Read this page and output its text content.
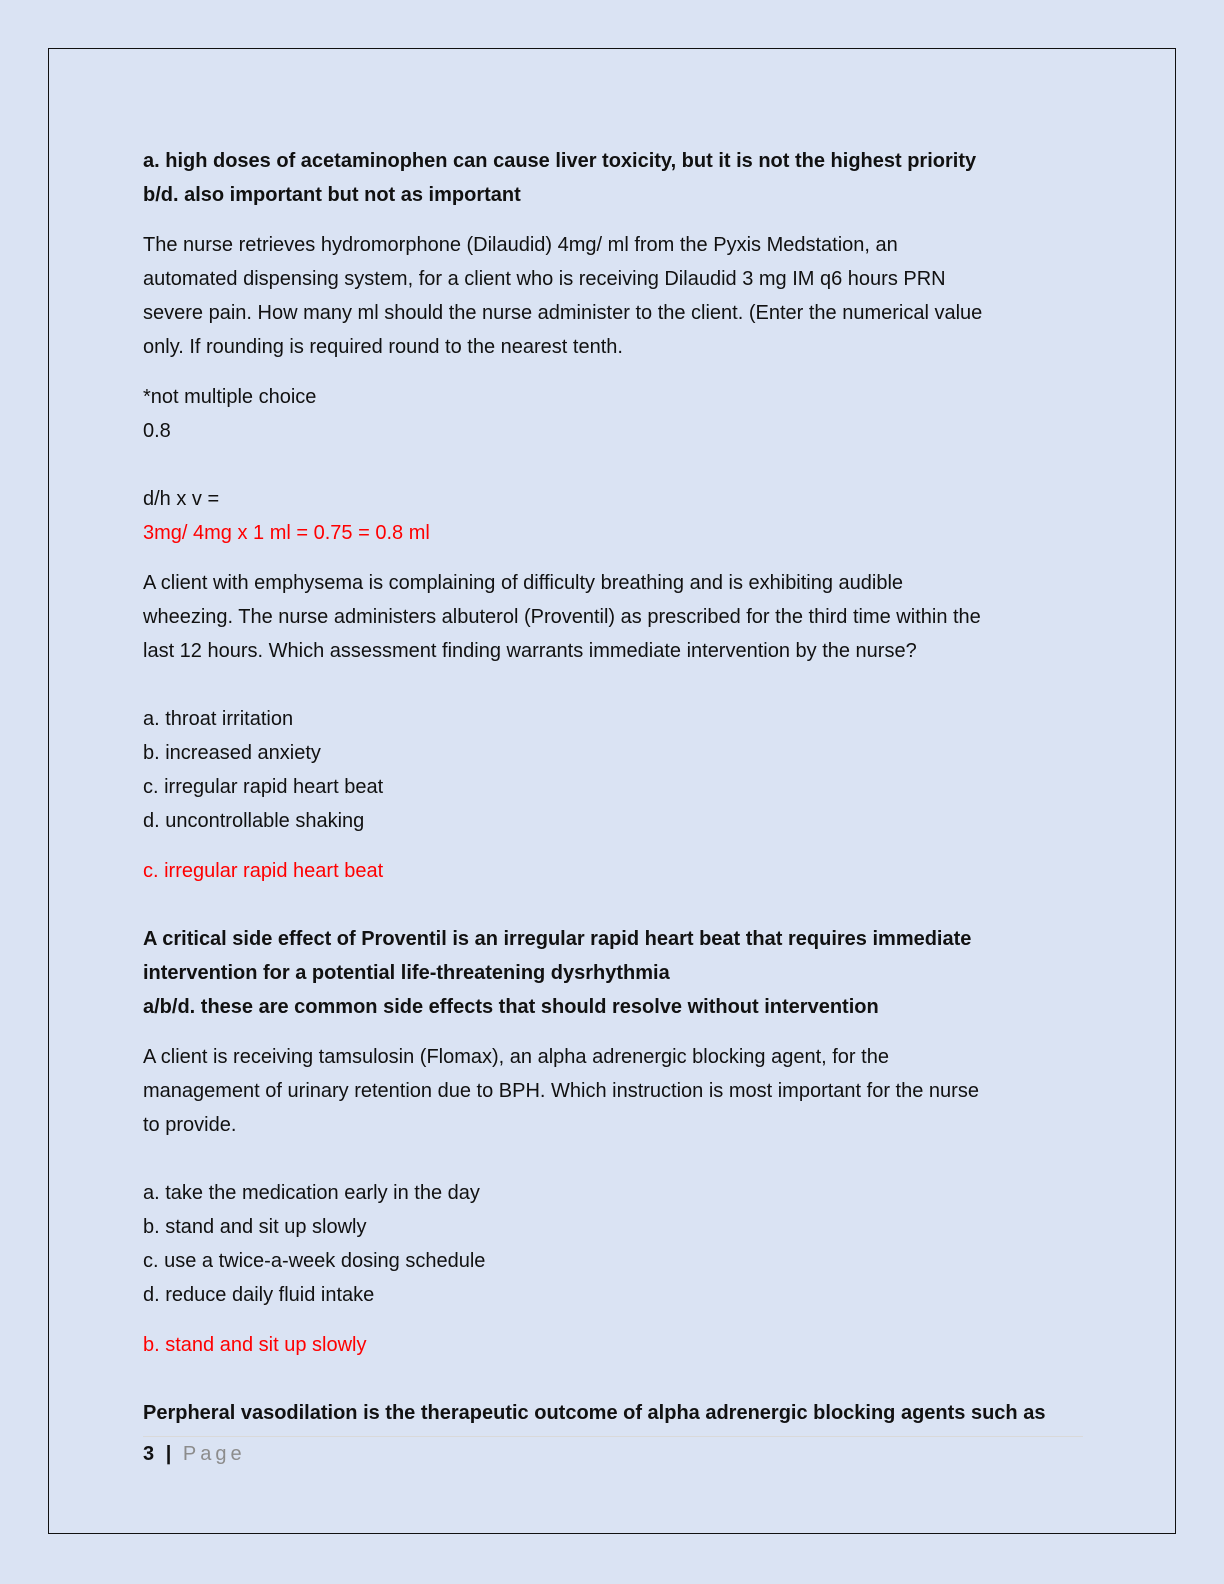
a. high doses of acetaminophen can cause liver toxicity, but it is not the highest priority
b/d. also important but not as important
The nurse retrieves hydromorphone (Dilaudid) 4mg/ ml from the Pyxis Medstation, an
automated dispensing system, for a client who is receiving Dilaudid 3 mg IM q6 hours PRN
severe pain. How many ml should the nurse administer to the client. (Enter the numerical value
only. If rounding is required round to the nearest tenth.
*not multiple choice
0.8
d/h x v =
3mg/ 4mg x 1 ml = 0.75 = 0.8 ml
A client with emphysema is complaining of difficulty breathing and is exhibiting audible
wheezing. The nurse administers albuterol (Proventil) as prescribed for the third time within the
last 12 hours. Which assessment finding warrants immediate intervention by the nurse?
a. throat irritation
b. increased anxiety
c. irregular rapid heart beat
d. uncontrollable shaking
c. irregular rapid heart beat
A critical side effect of Proventil is an irregular rapid heart beat that requires immediate
intervention for a potential life-threatening dysrhythmia
a/b/d. these are common side effects that should resolve without intervention
A client is receiving tamsulosin (Flomax), an alpha adrenergic blocking agent, for the
management of urinary retention due to BPH. Which instruction is most important for the nurse
to provide.
a. take the medication early in the day
b. stand and sit up slowly
c. use a twice-a-week dosing schedule
d. reduce daily fluid intake
b. stand and sit up slowly
Perpheral vasodilation is the therapeutic outcome of alpha adrenergic blocking agents such as
3 | Page
